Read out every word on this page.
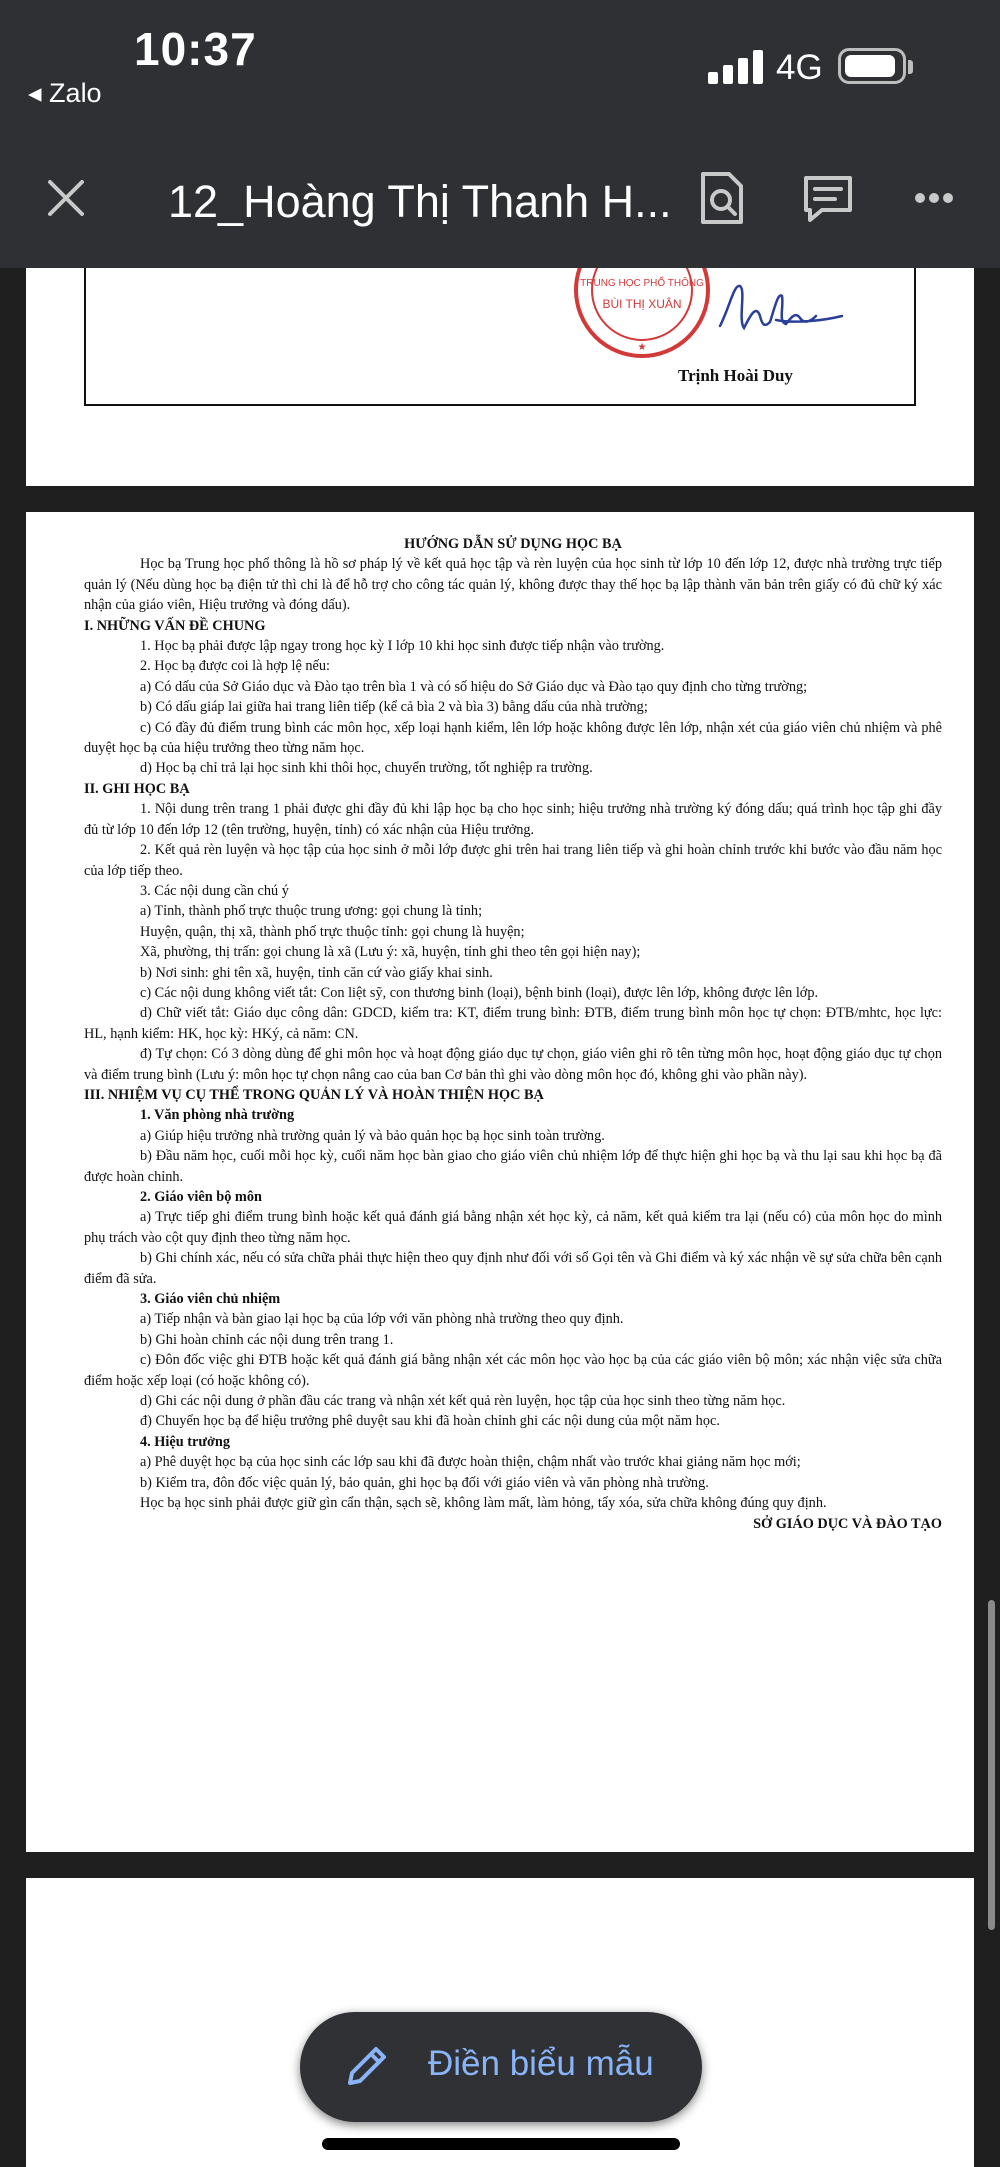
10:37
◂ Zalo
4G
12_Hoàng Thị Thanh H...
TRUNG HỌC PHỔ THÔNG
BÙI THỊ XUÂN
★
Trịnh Hoài Duy
HƯỚNG DẪN SỬ DỤNG HỌC BẠ
Học bạ Trung học phổ thông là hồ sơ pháp lý về kết quả học tập và rèn luyện của học sinh từ lớp 10 đến lớp 12, được nhà trường trực tiếp quản lý (Nếu dùng học bạ điện tử thì chỉ là để hỗ trợ cho công tác quản lý, không được thay thế học bạ lập thành văn bản trên giấy có đủ chữ ký xác nhận của giáo viên, Hiệu trưởng và đóng dấu).
I. NHỮNG VẤN ĐỀ CHUNG
1. Học bạ phải được lập ngay trong học kỳ I lớp 10 khi học sinh được tiếp nhận vào trường.
2. Học bạ được coi là hợp lệ nếu:
a) Có dấu của Sở Giáo dục và Đào tạo trên bìa 1 và có số hiệu do Sở Giáo dục và Đào tạo quy định cho từng trường;
b) Có dấu giáp lai giữa hai trang liên tiếp (kể cả bìa 2 và bìa 3) bằng dấu của nhà trường;
c) Có đầy đủ điểm trung bình các môn học, xếp loại hạnh kiểm, lên lớp hoặc không được lên lớp, nhận xét của giáo viên chủ nhiệm và phê duyệt học bạ của hiệu trưởng theo từng năm học.
d) Học bạ chỉ trả lại học sinh khi thôi học, chuyển trường, tốt nghiệp ra trường.
II. GHI HỌC BẠ
1. Nội dung trên trang 1 phải được ghi đầy đủ khi lập học bạ cho học sinh; hiệu trưởng nhà trường ký đóng dấu; quá trình học tập ghi đầy đủ từ lớp 10 đến lớp 12 (tên trường, huyện, tỉnh) có xác nhận của Hiệu trưởng.
2. Kết quả rèn luyện và học tập của học sinh ở mỗi lớp được ghi trên hai trang liên tiếp và ghi hoàn chỉnh trước khi bước vào đầu năm học của lớp tiếp theo.
3. Các nội dung cần chú ý
a) Tỉnh, thành phố trực thuộc trung ương: gọi chung là tỉnh;
Huyện, quận, thị xã, thành phố trực thuộc tỉnh: gọi chung là huyện;
Xã, phường, thị trấn: gọi chung là xã (Lưu ý: xã, huyện, tỉnh ghi theo tên gọi hiện nay);
b) Nơi sinh: ghi tên xã, huyện, tỉnh căn cứ vào giấy khai sinh.
c) Các nội dung không viết tắt: Con liệt sỹ, con thương binh (loại), bệnh binh (loại), được lên lớp, không được lên lớp.
d) Chữ viết tắt: Giáo dục công dân: GDCD, kiểm tra: KT, điểm trung bình: ĐTB, điểm trung bình môn học tự chọn: ĐTB/mhtc, học lực: HL, hạnh kiểm: HK, học kỳ: HKý, cả năm: CN.
đ) Tự chọn: Có 3 dòng dùng để ghi môn học và hoạt động giáo dục tự chọn, giáo viên ghi rõ tên từng môn học, hoạt động giáo dục tự chọn và điểm trung bình (Lưu ý: môn học tự chọn nâng cao của ban Cơ bản thì ghi vào dòng môn học đó, không ghi vào phần này).
III. NHIỆM VỤ CỤ THỂ TRONG QUẢN LÝ VÀ HOÀN THIỆN HỌC BẠ
1. Văn phòng nhà trường
a) Giúp hiệu trưởng nhà trường quản lý và bảo quản học bạ học sinh toàn trường.
b) Đầu năm học, cuối mỗi học kỳ, cuối năm học bàn giao cho giáo viên chủ nhiệm lớp để thực hiện ghi học bạ và thu lại sau khi học bạ đã được hoàn chỉnh.
2. Giáo viên bộ môn
a) Trực tiếp ghi điểm trung bình hoặc kết quả đánh giá bằng nhận xét học kỳ, cả năm, kết quả kiểm tra lại (nếu có) của môn học do mình phụ trách vào cột quy định theo từng năm học.
b) Ghi chính xác, nếu có sửa chữa phải thực hiện theo quy định như đối với sổ Gọi tên và Ghi điểm và ký xác nhận về sự sửa chữa bên cạnh điểm đã sửa.
3. Giáo viên chủ nhiệm
a) Tiếp nhận và bàn giao lại học bạ của lớp với văn phòng nhà trường theo quy định.
b) Ghi hoàn chỉnh các nội dung trên trang 1.
c) Đôn đốc việc ghi ĐTB hoặc kết quả đánh giá bằng nhận xét các môn học vào học bạ của các giáo viên bộ môn; xác nhận việc sửa chữa điểm hoặc xếp loại (có hoặc không có).
d) Ghi các nội dung ở phần đầu các trang và nhận xét kết quả rèn luyện, học tập của học sinh theo từng năm học.
đ) Chuyển học bạ để hiệu trưởng phê duyệt sau khi đã hoàn chỉnh ghi các nội dung của một năm học.
4. Hiệu trưởng
a) Phê duyệt học bạ của học sinh các lớp sau khi đã được hoàn thiện, chậm nhất vào trước khai giảng năm học mới;
b) Kiểm tra, đôn đốc việc quản lý, bảo quản, ghi học bạ đối với giáo viên và văn phòng nhà trường.
Học bạ học sinh phải được giữ gìn cẩn thận, sạch sẽ, không làm mất, làm hỏng, tẩy xóa, sửa chữa không đúng quy định.
SỞ GIÁO DỤC VÀ ĐÀO TẠO
Điền biểu mẫu
